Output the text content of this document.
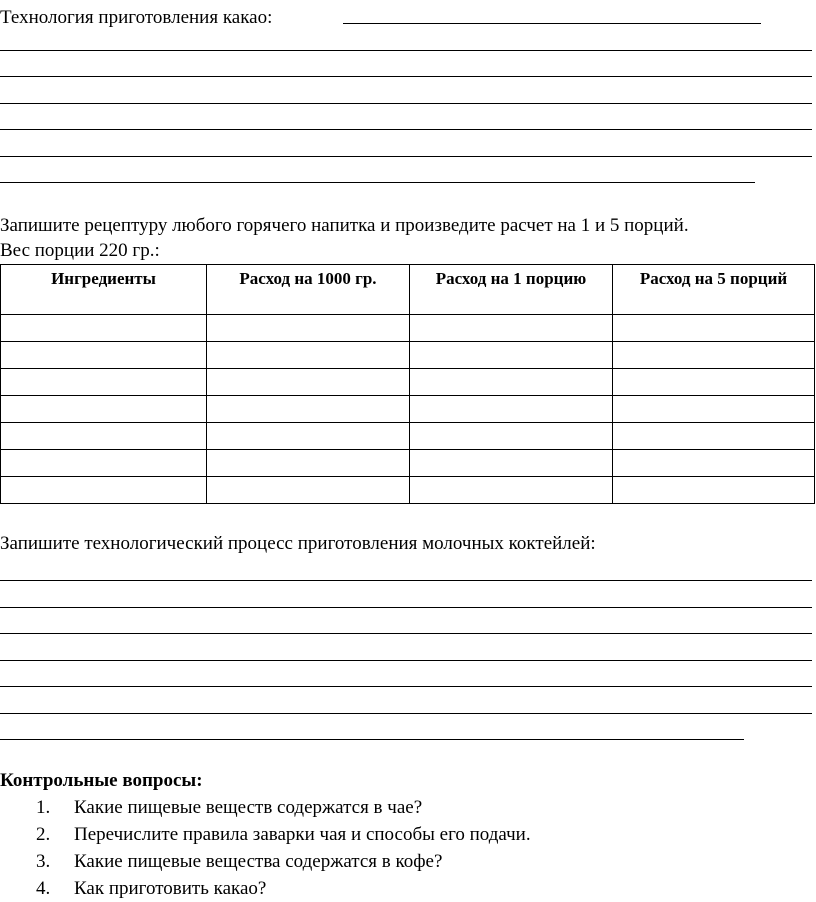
Технология приготовления какао:
Запишите рецептуру любого горячего напитка и произведите расчет на 1 и 5 порций.
Вес порции 220 гр.:
Ингредиенты	Расход на 1000 гр.	Расход на 1 порцию	Расход на 5 порций

Запишите технологический процесс приготовления молочных коктейлей:
Контрольные вопросы:
1. Какие пищевые веществ содержатся в чае?
2. Перечислите правила заварки чая и способы его подачи.
3. Какие пищевые вещества содержатся в кофе?
4. Как приготовить какао?
